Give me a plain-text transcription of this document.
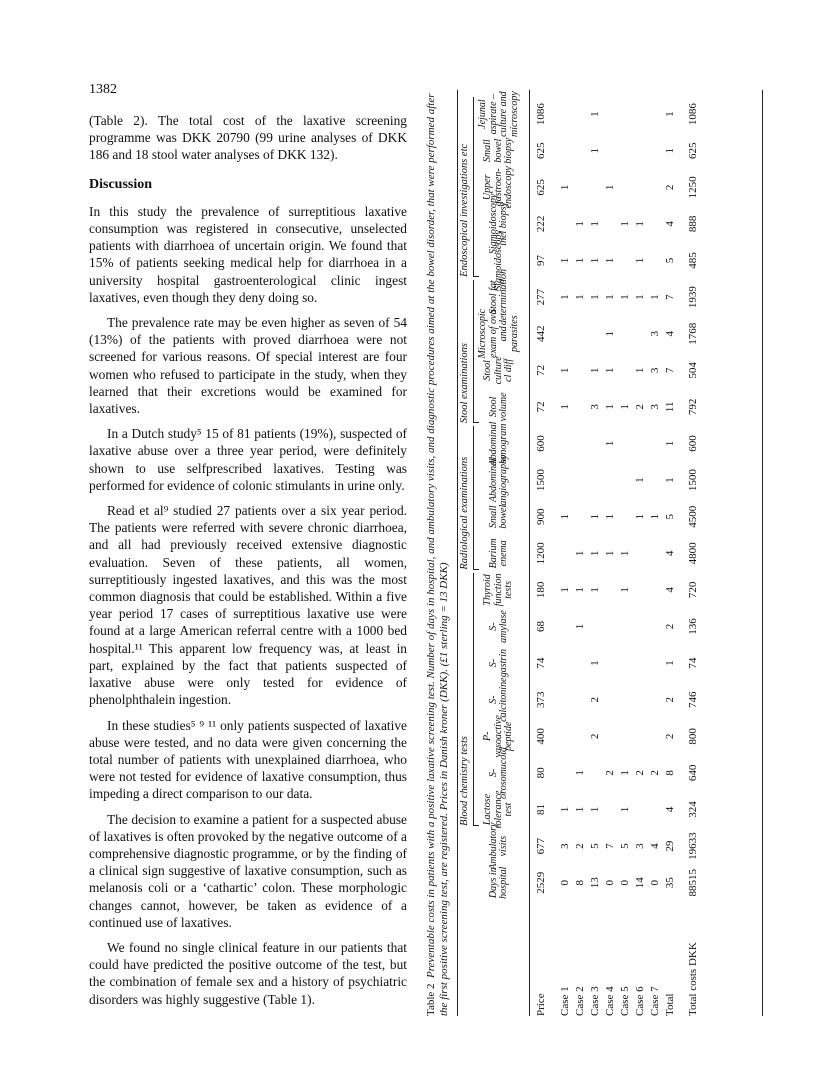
1382

(Table 2). The total cost of the laxative screening programme was DKK 20790 (99 urine analyses of DKK 186 and 18 stool water analyses of DKK 132).

Discussion

In this study the prevalence of surreptitious laxative consumption was registered in consecutive, unselected patients with diarrhoea of uncertain origin. We found that 15% of patients seeking medical help for diarrhoea in a university hospital gastroenterological clinic ingest laxatives, even though they deny doing so.

The prevalence rate may be even higher as seven of 54 (13%) of the patients with proved diarrhoea were not screened for various reasons. Of special interest are four women who refused to participate in the study, when they learned that their excretions would be examined for laxatives.

In a Dutch study⁵ 15 of 81 patients (19%), suspected of laxative abuse over a three year period, were definitely shown to use selfprescribed laxatives. Testing was performed for evidence of colonic stimulants in urine only.

Read et al⁹ studied 27 patients over a six year period. The patients were referred with severe chronic diarrhoea, and all had previously received extensive diagnostic evaluation. Seven of these patients, all women, surreptitiously ingested laxatives, and this was the most common diagnosis that could be established. Within a five year period 17 cases of surreptitious laxative use were found at a large American referral centre with a 1000 bed hospital.¹¹ This apparent low frequency was, at least in part, explained by the fact that patients suspected of laxative abuse were only tested for evidence of phenolphthalein ingestion.

In these studies⁵ ⁹ ¹¹ only patients suspected of laxative abuse were tested, and no data were given concerning the total number of patients with unexplained diarrhoea, who were not tested for evidence of laxative consumption, thus impeding a direct comparison to our data.

The decision to examine a patient for a suspected abuse of laxatives is often provoked by the negative outcome of a comprehensive diagnostic programme, or by the finding of a clinical sign suggestive of laxative consumption, such as melanosis coli or a ‘cathartic’ colon. These morphologic changes cannot, however, be taken as evidence of a continued use of laxatives.

We found no single clinical feature in our patients that could have predicted the positive outcome of the test, but the combination of female sex and a history of psychiatric disorders was highly suggestive (Table 1).	Table 2  Preventable costs in patients with a positive laxative screening test. Number of days in hospital, and ambulatory visits, and diagnostic procedures aimed at the bowel disorder, that were performed after the first positive screening test, are registered. Prices in Danish kroner (DKK). (£1 sterling = 13 DKK) Blood chemistry tests
Radiological examinations
Stool examinations
Endoscopical investigations etc
Days in hospital
Ambulatory visits
Lactose tolerance test
S-orosomucoid
P-vasoactive peptide
S-calcitonine
S-gastrin
S-amylase
Thyroid function tests
Barium enema
Small bowel
Abdominal angiography
Abdominal sonogram
Stool volume
Stool culture cl diff
Microscopic exam of ova and parasites
Stool fat determination
Sigmoidoscopy
Sigmoidoscopy incl biopsy
Upper gastroen-endoscopy
Small bowel biopsy
Jejunal aspirate – culture and microscopy
Price
2529
677
81
80
400
373
74
68
180
1200
900
1500
600
72
72
442
277
97
222
625
625
1086
Case 1
0
3
1
1
1
1
1
1
1
1
Case 2
8
2
1
1
1
1
1
1
1
1
Case 3
13
5
1
2
2
1
1
1
1
3
1
1
1
1
1
1
Case 4
0
7
2
1
1
1
1
1
1
1
1
1
Case 5
0
5
1
1
1
1
1
1
1
Case 6
14
3
2
1
1
2
1
1
1
1
Case 7
0
4
2
1
3
3
3
1
Total
35
29
4
8
2
2
1
2
4
4
5
1
1
11
7
4
7
5
4
2
1
1
Total costs DKK
88515
19633
324
640
800
746
74
136
720
4800
4500
1500
600
792
504
1768
1939
485
888
1250
625
1086
